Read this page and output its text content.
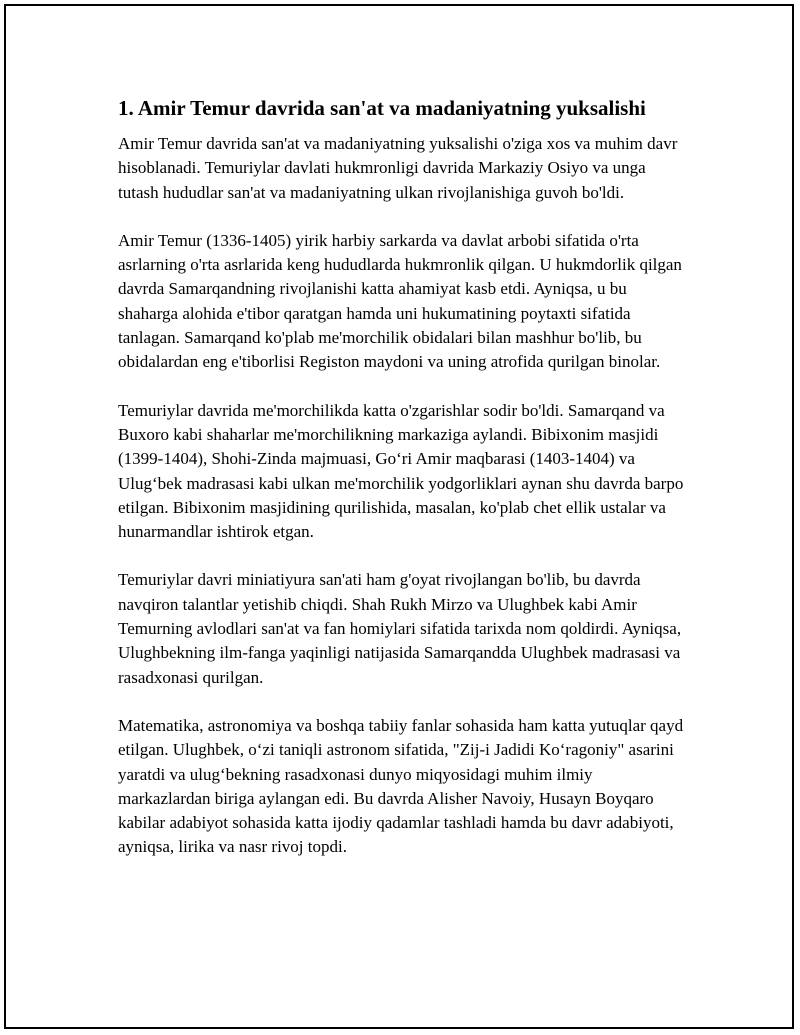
1. Amir Temur davrida san'at va madaniyatning yuksalishi

Amir Temur davrida san'at va madaniyatning yuksalishi o'ziga xos va muhim davr hisoblanadi. Temuriylar davlati hukmronligi davrida Markaziy Osiyo va unga tutash hududlar san'at va madaniyatning ulkan rivojlanishiga guvoh bo'ldi.

Amir Temur (1336-1405) yirik harbiy sarkarda va davlat arbobi sifatida o'rta asrlarning o'rta asrlarida keng hududlarda hukmronlik qilgan. U hukmdorlik qilgan davrda Samarqandning rivojlanishi katta ahamiyat kasb etdi. Ayniqsa, u bu shaharga alohida e'tibor qaratgan hamda uni hukumatining poytaxti sifatida tanlagan. Samarqand ko'plab me'morchilik obidalari bilan mashhur bo'lib, bu obidalardan eng e'tiborlisi Registon maydoni va uning atrofida qurilgan binolar.

Temuriylar davrida me'morchilikda katta o'zgarishlar sodir bo'ldi. Samarqand va Buxoro kabi shaharlar me'morchilikning markaziga aylandi. Bibixonim masjidi (1399-1404), Shohi-Zinda majmuasi, Go‘ri Amir maqbarasi (1403-1404) va Ulug‘bek madrasasi kabi ulkan me'morchilik yodgorliklari aynan shu davrda barpo etilgan. Bibixonim masjidining qurilishida, masalan, ko'plab chet ellik ustalar va hunarmandlar ishtirok etgan.

Temuriylar davri miniatiyura san'ati ham g'oyat rivojlangan bo'lib, bu davrda navqiron talantlar yetishib chiqdi. Shah Rukh Mirzo va Ulughbek kabi Amir Temurning avlodlari san'at va fan homiylari sifatida tarixda nom qoldirdi. Ayniqsa, Ulughbekning ilm-fanga yaqinligi natijasida Samarqandda Ulughbek madrasasi va rasadxonasi qurilgan.

Matematika, astronomiya va boshqa tabiiy fanlar sohasida ham katta yutuqlar qayd etilgan. Ulughbek, o‘zi taniqli astronom sifatida, "Zij-i Jadidi Ko‘ragoniy" asarini yaratdi va ulug‘bekning rasadxonasi dunyo miqyosidagi muhim ilmiy markazlardan biriga aylangan edi. Bu davrda Alisher Navoiy, Husayn Boyqaro kabilar adabiyot sohasida katta ijodiy qadamlar tashladi hamda bu davr adabiyoti, ayniqsa, lirika va nasr rivoj topdi.
